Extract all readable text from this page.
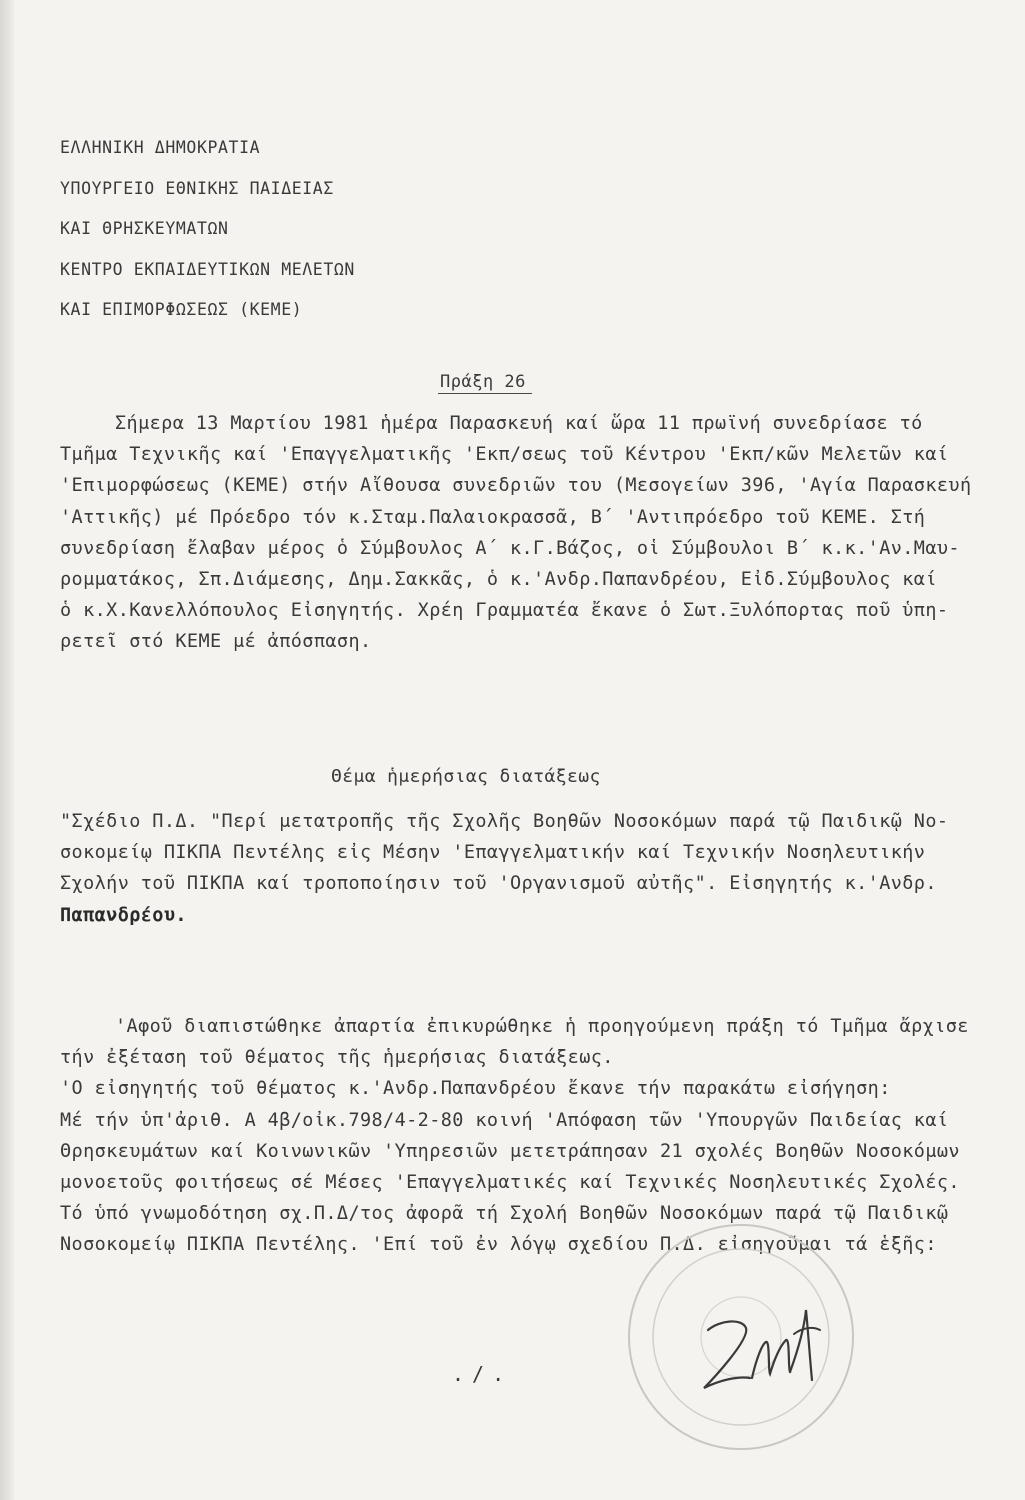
ΕΛΛΗΝΙΚΗ ΔΗΜΟΚΡΑΤΙΑ
ΥΠΟΥΡΓΕΙΟ ΕΘΝΙΚΗΣ ΠΑΙΔΕΙΑΣ
ΚΑΙ ΘΡΗΣΚΕΥΜΑΤΩΝ
ΚΕΝΤΡΟ ΕΚΠΑΙΔΕΥΤΙΚΩΝ ΜΕΛΕΤΩΝ
ΚΑΙ ΕΠΙΜΟΡΦΩΣΕΩΣ (ΚΕΜΕ)
Πράξη 26
Σήμερα 13 Μαρτίου 1981 ἡμέρα Παρασκευή καί ὥρα 11 πρωϊνή συνεδρίασε τό
Τμῆμα Τεχνικῆς καί 'Επαγγελματικῆς 'Εκπ/σεως τοῦ Κέντρου 'Εκπ/κῶν Μελετῶν καί
'Επιμορφώσεως (ΚΕΜΕ) στήν Αἴθουσα συνεδριῶν του (Μεσογείων 396, 'Αγία Παρασκευή
'Αττικῆς) μέ Πρόεδρο τόν κ.Σταμ.Παλαιοκρασσᾶ, Β΄ 'Αντιπρόεδρο τοῦ ΚΕΜΕ. Στή
συνεδρίαση ἔλαβαν μέρος ὁ Σύμβουλος Α΄ κ.Γ.Βάζος, οἱ Σύμβουλοι Β΄ κ.κ.'Αν.Μαυ-
ρομματάκος, Σπ.Διάμεσης, Δημ.Σακκᾶς, ὁ κ.'Ανδρ.Παπανδρέου, Εἰδ.Σύμβουλος καί
ὁ κ.Χ.Κανελλόπουλος Εἰσηγητής. Χρέη Γραμματέα ἔκανε ὁ Σωτ.Ξυλόπορτας ποῦ ὑπη-
ρετεῖ στό ΚΕΜΕ μέ ἀπόσπαση.
Θέμα ἡμερήσιας διατάξεως
"Σχέδιο Π.Δ. "Περί μετατροπῆς τῆς Σχολῆς Βοηθῶν Νοσοκόμων παρά τῷ Παιδικῷ Νο-
σοκομείῳ ΠΙΚΠΑ Πεντέλης εἰς Μέσην 'Επαγγελματικήν καί Τεχνικήν Νοσηλευτικήν
Σχολήν τοῦ ΠΙΚΠΑ καί τροποποίησιν τοῦ 'Οργανισμοῦ αὐτῆς". Εἰσηγητής κ.'Ανδρ.
Παπανδρέου.
'Αφοῦ διαπιστώθηκε ἀπαρτία ἐπικυρώθηκε ἡ προηγούμενη πράξη τό Τμῆμα ἄρχισε
τήν ἐξέταση τοῦ θέματος τῆς ἡμερήσιας διατάξεως.
'Ο εἰσηγητής τοῦ θέματος κ.'Ανδρ.Παπανδρέου ἔκανε τήν παρακάτω εἰσήγηση:
Μέ τήν ὑπ'ἀριθ. Α 4β/οἰκ.798/4-2-80 κοινή 'Απόφαση τῶν 'Υπουργῶν Παιδείας καί
Θρησκευμάτων καί Κοινωνικῶν 'Υπηρεσιῶν μετετράπησαν 21 σχολές Βοηθῶν Νοσοκόμων
μονοετοῦς φοιτήσεως σέ Μέσες 'Επαγγελματικές καί Τεχνικές Νοσηλευτικές Σχολές.
Τό ὑπό γνωμοδότηση σχ.Π.Δ/τος ἀφορᾶ τή Σχολή Βοηθῶν Νοσοκόμων παρά τῷ Παιδικῷ
Νοσοκομείῳ ΠΙΚΠΑ Πεντέλης. 'Επί τοῦ ἐν λόγῳ σχεδίου Π.Δ. εἰσηγοῦμαι τά ἑξῆς:
./.
